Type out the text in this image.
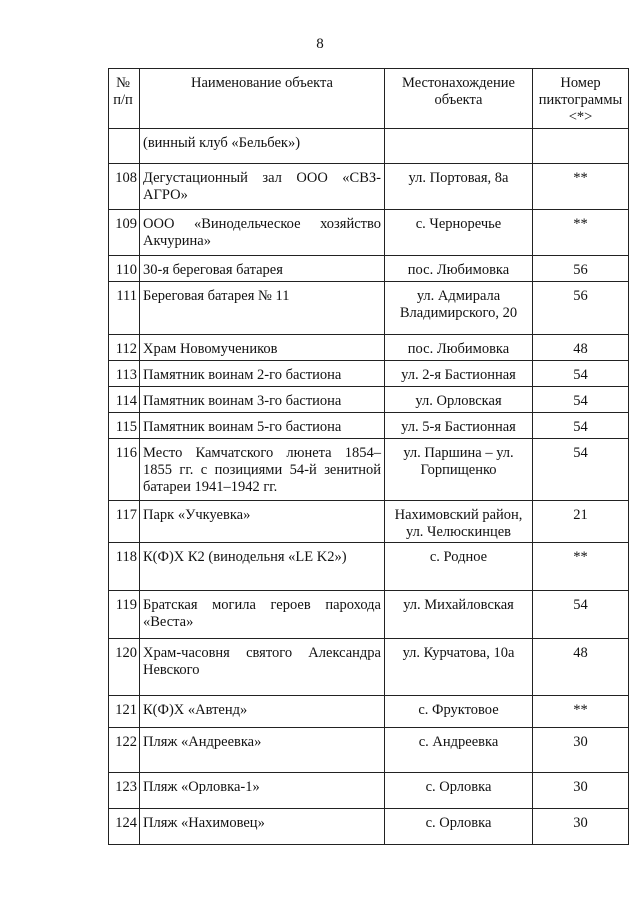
8
№ п/п	Наименование объекта	Местонахождение объекта	Номер пиктограммы <*>
	(винный клуб «Бельбек»)		
108	Дегустационный зал ООО «СВЗ-АГРО»	ул. Портовая, 8а	**
109	ООО «Винодельческое хозяйство Акчурина»	с. Черноречье	**
110	30-я береговая батарея	пос. Любимовка	56
111	Береговая батарея № 11	ул. Адмирала Владимирского, 20	56
112	Храм Новомучеников	пос. Любимовка	48
113	Памятник воинам 2-го бастиона	ул. 2-я Бастионная	54
114	Памятник воинам 3-го бастиона	ул. Орловская	54
115	Памятник воинам 5-го бастиона	ул. 5-я Бастионная	54
116	Место Камчатского люнета 1854–1855 гг. с позициями 54-й зенитной батареи 1941–1942 гг.	ул. Паршина – ул. Горпищенко	54
117	Парк «Учкуевка»	Нахимовский район, ул. Челюскинцев	21
118	К(Ф)Х К2 (винодельня «LE K2»)	с. Родное	**
119	Братская могила героев парохода «Веста»	ул. Михайловская	54
120	Храм-часовня святого Александра Невского	ул. Курчатова, 10а	48
121	К(Ф)Х «Автенд»	с. Фруктовое	**
122	Пляж «Андреевка»	с. Андреевка	30
123	Пляж «Орловка-1»	с. Орловка	30
124	Пляж «Нахимовец»	с. Орловка	30
